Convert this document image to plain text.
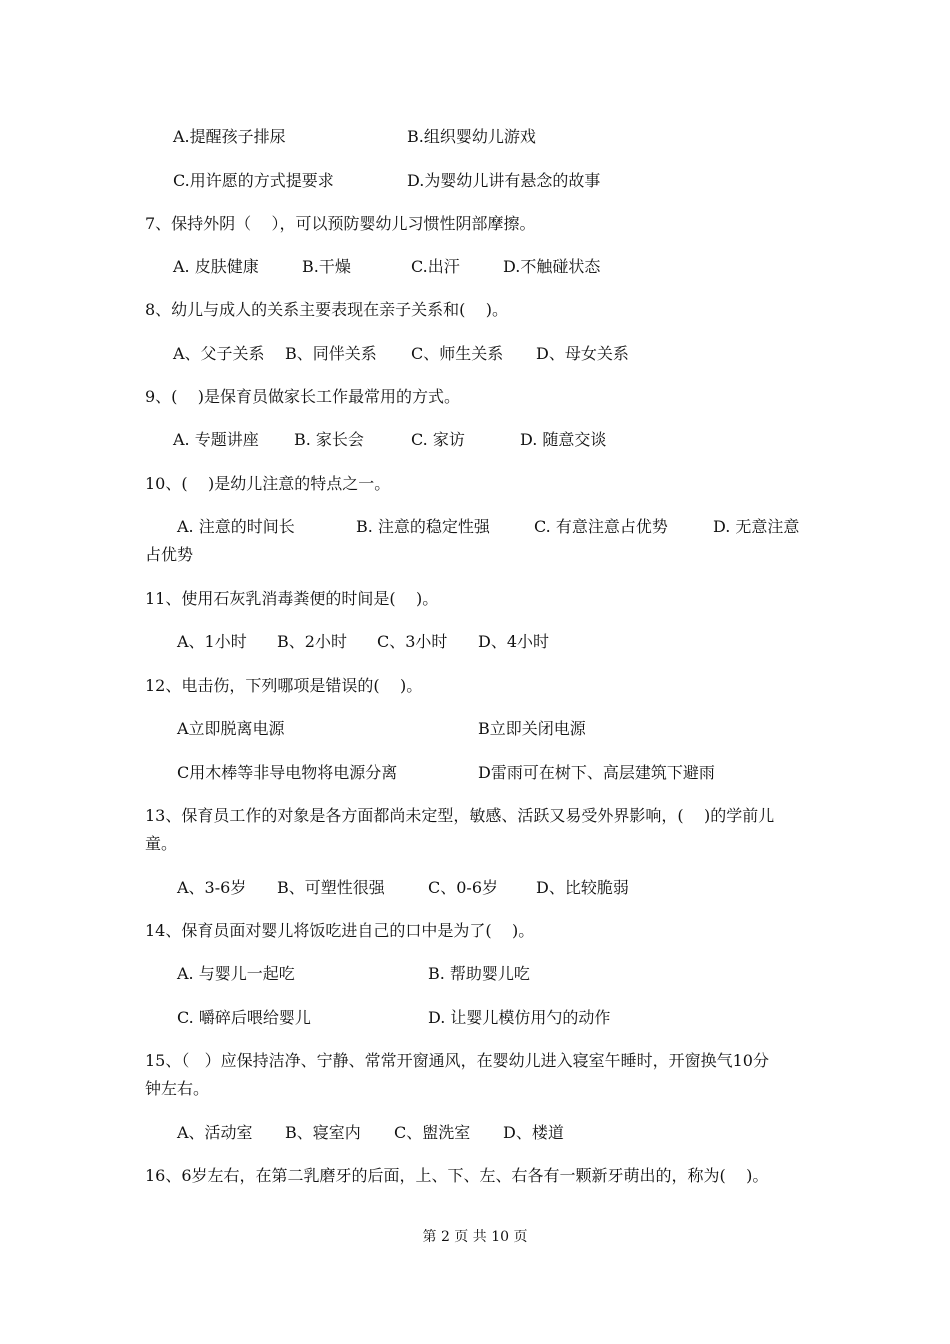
A.提醒孩子排尿	B.组织婴幼儿游戏
C.用许愿的方式提要求	D.为婴幼儿讲有悬念的故事
7、保持外阴（    ），可以预防婴幼儿习惯性阴部摩擦。
A. 皮肤健康	B.干燥	C.出汗	D.不触碰状态
8、幼儿与成人的关系主要表现在亲子关系和(    )。
A、父子关系 B、同伴关系 C、师生关系 D、母女关系
9、(    )是保育员做家长工作最常用的方式。
A. 专题讲座 B. 家长会	C. 家访	D. 随意交谈
10、(    )是幼儿注意的特点之一。
A. 注意的时间长	B. 注意的稳定性强	C. 有意注意占优势	D. 无意注意
占优势
11、使用石灰乳消毒粪便的时间是(    )。
A、1小时 B、2小时 C、3小时 D、4小时
12、电击伤，下列哪项是错误的(    )。
A立即脱离电源	B立即关闭电源
C用木棒等非导电物将电源分离	D雷雨可在树下、高层建筑下避雨
13、保育员工作的对象是各方面都尚未定型，敏感、活跃又易受外界影响，(    )的学前儿
童。
A、3-6岁 B、可塑性很强	C、0-6岁 D、比较脆弱
14、保育员面对婴儿将饭吃进自己的口中是为了(    )。
A. 与婴儿一起吃	B. 帮助婴儿吃
C. 嚼碎后喂给婴儿	D. 让婴儿模仿用勺的动作
15、（   ）应保持洁净、宁静、常常开窗通风，在婴幼儿进入寝室午睡时，开窗换气10分
钟左右。
A、活动室 B、寝室内 C、盥洗室 D、楼道
16、6岁左右，在第二乳磨牙的后面，上、下、左、右各有一颗新牙萌出的，称为(    )。
第 2 页 共 10 页
